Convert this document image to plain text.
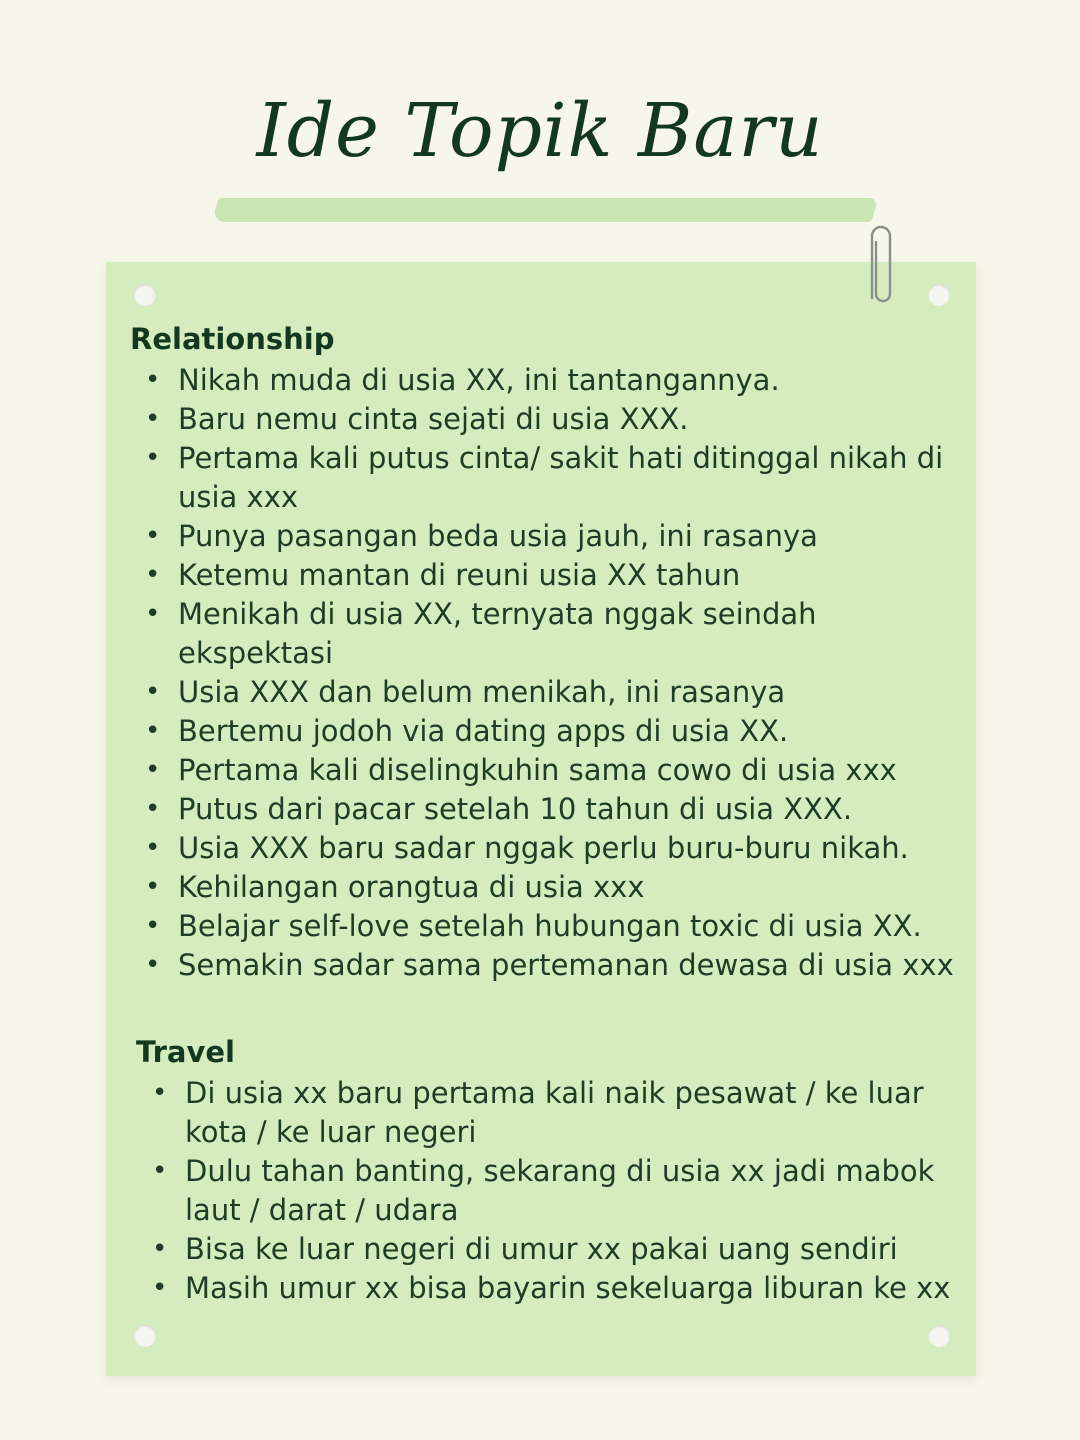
Ide Topik Baru
Relationship
• Nikah muda di usia XX, ini tantangannya.
• Baru nemu cinta sejati di usia XXX.
• Pertama kali putus cinta/ sakit hati ditinggal nikah di usia xxx
• Punya pasangan beda usia jauh, ini rasanya
• Ketemu mantan di reuni usia XX tahun
• Menikah di usia XX, ternyata nggak seindah ekspektasi
• Usia XXX dan belum menikah, ini rasanya
• Bertemu jodoh via dating apps di usia XX.
• Pertama kali diselingkuhin sama cowo di usia xxx
• Putus dari pacar setelah 10 tahun di usia XXX.
• Usia XXX baru sadar nggak perlu buru-buru nikah.
• Kehilangan orangtua di usia xxx
• Belajar self-love setelah hubungan toxic di usia XX.
• Semakin sadar sama pertemanan dewasa di usia xxx
Travel
• Di usia xx baru pertama kali naik pesawat / ke luar kota / ke luar negeri
• Dulu tahan banting, sekarang di usia xx jadi mabok laut / darat / udara
• Bisa ke luar negeri di umur xx pakai uang sendiri
• Masih umur xx bisa bayarin sekeluarga liburan ke xx
